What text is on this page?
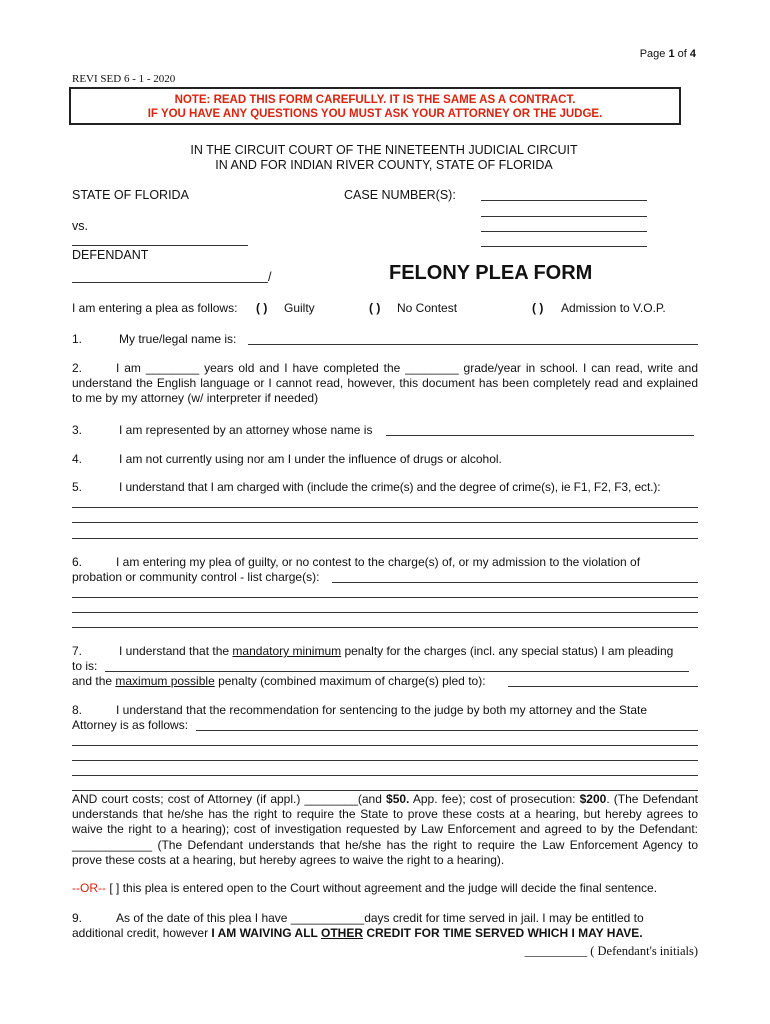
Page 1 of 4
REVI SED 6 - 1 - 2020
NOTE: READ THIS FORM CAREFULLY. IT IS THE SAME AS A CONTRACT.
IF YOU HAVE ANY QUESTIONS YOU MUST ASK YOUR ATTORNEY OR THE JUDGE.
IN THE CIRCUIT COURT OF THE NINETEENTH JUDICIAL CIRCUIT
IN AND FOR INDIAN RIVER COUNTY, STATE OF FLORIDA
STATE OF FLORIDA	CASE NUMBER(S):
vs.
DEFENDANT
/	FELONY PLEA FORM
I am entering a plea as follows: ( ) Guilty	( ) No Contest	( ) Admission to V.O.P.
1.	My true/legal name is:
2.	I am ________ years old and I have completed the ________ grade/year in school. I can read, write and understand the English language or I cannot read, however, this document has been completely read and explained to me by my attorney (w/ interpreter if needed)
3.	I am represented by an attorney whose name is
4.	I am not currently using nor am I under the influence of drugs or alcohol.
5.	I understand that I am charged with (include the crime(s) and the degree of crime(s), ie F1, F2, F3, ect.):
6.	I am entering my plea of guilty, or no contest to the charge(s) of, or my admission to the violation of
probation or community control - list charge(s):
7.	I understand that the mandatory minimum penalty for the charges (incl. any special status) I am pleading
to is:
and the maximum possible penalty (combined maximum of charge(s) pled to):
8.	I understand that the recommendation for sentencing to the judge by both my attorney and the State
Attorney is as follows:
AND court costs; cost of Attorney (if appl.) ________(and $50. App. fee); cost of prosecution: $200. (The Defendant understands that he/she has the right to require the State to prove these costs at a hearing, but hereby agrees to waive the right to a hearing); cost of investigation requested by Law Enforcement and agreed to by the Defendant: ____________ (The Defendant understands that he/she has the right to require the Law Enforcement Agency to prove these costs at a hearing, but hereby agrees to waive the right to a hearing).
--OR-- [ ] this plea is entered open to the Court without agreement and the judge will decide the final sentence.
9.	As of the date of this plea I have ___________days credit for time served in jail. I may be entitled to
additional credit, however I AM WAIVING ALL OTHER CREDIT FOR TIME SERVED WHICH I MAY HAVE.
__________ ( Defendant's initials)
